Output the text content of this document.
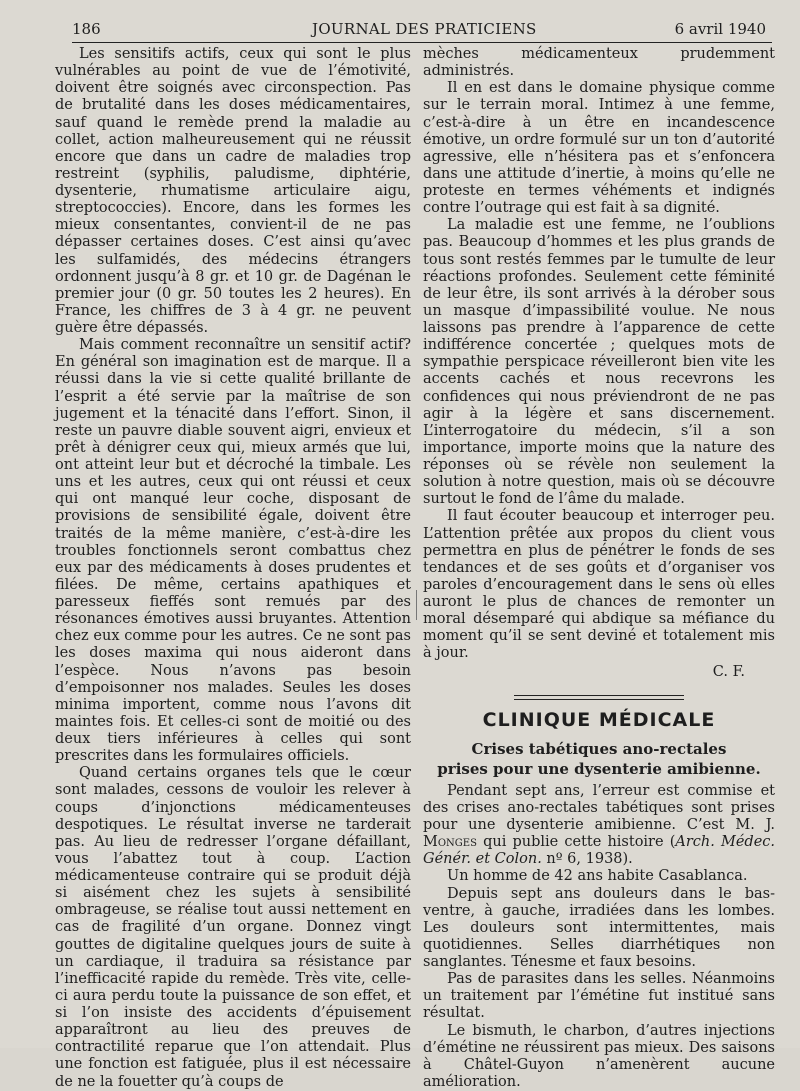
186	JOURNAL DES PRATICIENS	6 avril 1940

Les sensitifs actifs, ceux qui sont le plus vulnérables au point de vue de l’émotivité, doivent être soignés avec circonspection. Pas de brutalité dans les doses médicamentaires, sauf quand le remède prend la maladie au collet, action malheureusement qui ne réussit encore que dans un cadre de maladies trop restreint (syphilis, paludisme, diphtérie, dysenterie, rhumatisme articulaire aigu, streptococcies). Encore, dans les formes les mieux consentantes, convient-il de ne pas dépasser certaines doses. C’est ainsi qu’avec les sulfamidés, des médecins étrangers ordonnent jusqu’à 8 gr. et 10 gr. de Dagénan le premier jour (0 gr. 50 toutes les 2 heures). En France, les chiffres de 3 à 4 gr. ne peuvent guère être dépassés.

Mais comment reconnaître un sensitif actif? En général son imagination est de marque. Il a réussi dans la vie si cette qualité brillante de l’esprit a été servie par la maîtrise de son jugement et la ténacité dans l’effort. Sinon, il reste un pauvre diable souvent aigri, envieux et prêt à dénigrer ceux qui, mieux armés que lui, ont atteint leur but et décroché la timbale. Les uns et les autres, ceux qui ont réussi et ceux qui ont manqué leur coche, disposant de provisions de sensibilité égale, doivent être traités de la même manière, c’est-à-dire les troubles fonctionnels seront combattus chez eux par des médicaments à doses prudentes et filées. De même, certains apathiques et paresseux fieffés sont remués par des résonances émotives aussi bruyantes. Attention chez eux comme pour les autres. Ce ne sont pas les doses maxima qui nous aideront dans l’espèce. Nous n’avons pas besoin d’empoisonner nos malades. Seules les doses minima importent, comme nous l’avons dit maintes fois. Et celles-ci sont de moitié ou des deux tiers inférieures à celles qui sont prescrites dans les formulaires officiels.

Quand certains organes tels que le cœur sont malades, cessons de vouloir les relever à coups d’injonctions médicamenteuses despotiques. Le résultat inverse ne tarderait pas. Au lieu de redresser l’organe défaillant, vous l’abattez tout à coup. L’action médicamenteuse contraire qui se produit déjà si aisément chez les sujets à sensibilité ombrageuse, se réalise tout aussi nettement en cas de fragilité d’un organe. Donnez vingt gouttes de digitaline quelques jours de suite à un cardiaque, il traduira sa résistance par l’inefficacité rapide du remède. Très vite, celle-ci aura perdu toute la puissance de son effet, et si l’on insiste des accidents d’épuisement apparaîtront au lieu des preuves de contractilité reparue que l’on attendait. Plus une fonction est fatiguée, plus il est nécessaire de ne la fouetter qu’à coups de

mèches médicamenteux prudemment administrés.

Il en est dans le domaine physique comme sur le terrain moral. Intimez à une femme, c’est-à-dire à un être en incandescence émotive, un ordre formulé sur un ton d’autorité agressive, elle n’hésitera pas et s’enfoncera dans une attitude d’inertie, à moins qu’elle ne proteste en termes véhéments et indignés contre l’outrage qui est fait à sa dignité.

La maladie est une femme, ne l’oublions pas. Beaucoup d’hommes et les plus grands de tous sont restés femmes par le tumulte de leur réactions profondes. Seulement cette féminité de leur être, ils sont arrivés à la dérober sous un masque d’impassibilité voulue. Ne nous laissons pas prendre à l’apparence de cette indifférence concertée ; quelques mots de sympathie perspicace réveilleront bien vite les accents cachés et nous recevrons les confidences qui nous préviendront de ne pas agir à la légère et sans discernement. L’interrogatoire du médecin, s’il a son importance, importe moins que la nature des réponses où se révèle non seulement la solution à notre question, mais où se découvre surtout le fond de l’âme du malade.

Il faut écouter beaucoup et interroger peu. L’attention prêtée aux propos du client vous permettra en plus de pénétrer le fonds de ses tendances et de ses goûts et d’organiser vos paroles d’encouragement dans le sens où elles auront le plus de chances de remonter un moral désemparé qui abdique sa méfiance du moment qu’il se sent deviné et totalement mis à jour.

C. F.
CLINIQUE MÉDICALE
Crises tabétiques ano-rectales
prises pour une dysenterie amibienne.

Pendant sept ans, l’erreur est commise et des crises ano-rectales tabétiques sont prises pour une dysenterie amibienne. C’est M. J. Monges qui publie cette histoire (Arch. Médec. Génér. et Colon. nº 6, 1938).

Un homme de 42 ans habite Casablanca.

Depuis sept ans douleurs dans le bas-ventre, à gauche, irradiées dans les lombes. Les douleurs sont intermittentes, mais quotidiennes. Selles diarrhétiques non sanglantes. Ténesme et faux besoins.

Pas de parasites dans les selles. Néanmoins un traitement par l’émétine fut institué sans résultat.

Le bismuth, le charbon, d’autres injections d’émétine ne réussirent pas mieux. Des saisons à Châtel-Guyon n’amenèrent aucune amélioration.
